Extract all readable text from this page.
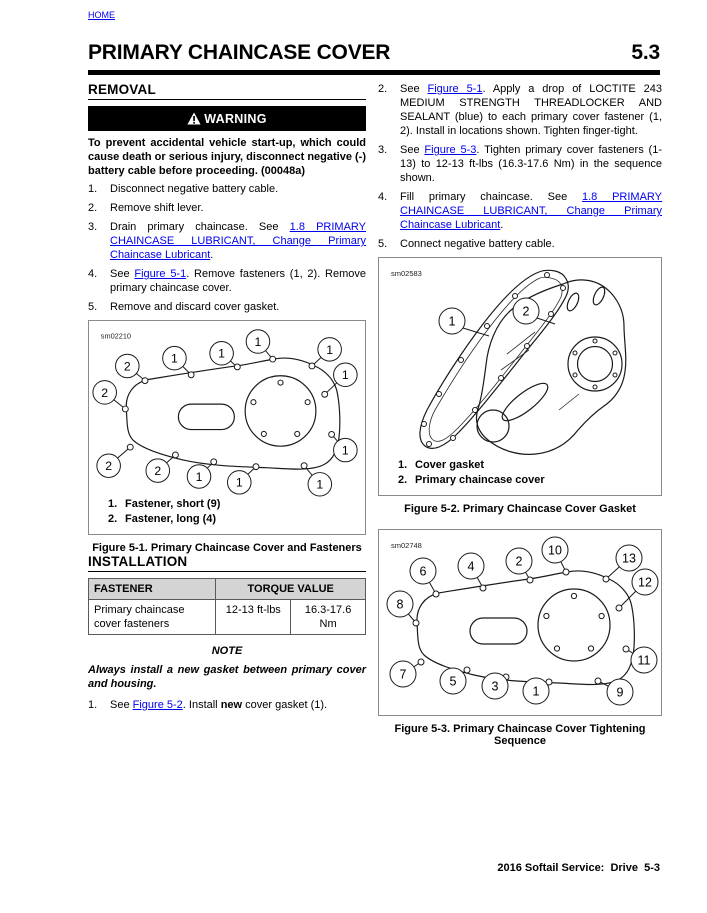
HOME
PRIMARY CHAINCASE COVER	5.3
REMOVAL
WARNING
To prevent accidental vehicle start-up, which could cause death or serious injury, disconnect negative (-) battery cable before proceeding. (00048a)
1.	Disconnect negative battery cable.
2.	Remove shift lever.
3.	Drain primary chaincase. See 1.8 PRIMARY CHAINCASE LUBRICANT, Change Primary Chaincase Lubricant.
4.	See Figure 5-1. Remove fasteners (1, 2). Remove primary chaincase cover.
5.	Remove and discard cover gasket.
sm02210
2
1	1
1
1
1
2
1
2	2	1	1	1
1. Fastener, short (9)
2. Fastener, long (4)
Figure 5-1. Primary Chaincase Cover and Fasteners
INSTALLATION
FASTENER	TORQUE VALUE	
Primary chaincase cover fasteners	12-13 ft-lbs	16.3-17.6 Nm
NOTE
Always install a new gasket between primary cover and housing.
1.	See Figure 5-2. Install new cover gasket (1).
2.	See Figure 5-1. Apply a drop of LOCTITE 243 MEDIUM STRENGTH THREADLOCKER AND SEALANT (blue) to each primary cover fastener (1, 2). Install in locations shown. Tighten finger-tight.
3.	See Figure 5-3. Tighten primary cover fasteners (1-13) to 12-13 ft-lbs (16.3-17.6 Nm) in the sequence shown.
4.	Fill primary chaincase. See 1.8 PRIMARY CHAINCASE LUBRICANT, Change Primary Chaincase Lubricant.
5.	Connect negative battery cable.
sm02583
1
2
1. Cover gasket
2. Primary chaincase cover
Figure 5-2. Primary Chaincase Cover Gasket
sm02748
6	4	2
10
13
12
8
11
7	5	3	1	9
Figure 5-3. Primary Chaincase Cover Tightening Sequence
2016 Softail Service:  Drive  5-3
